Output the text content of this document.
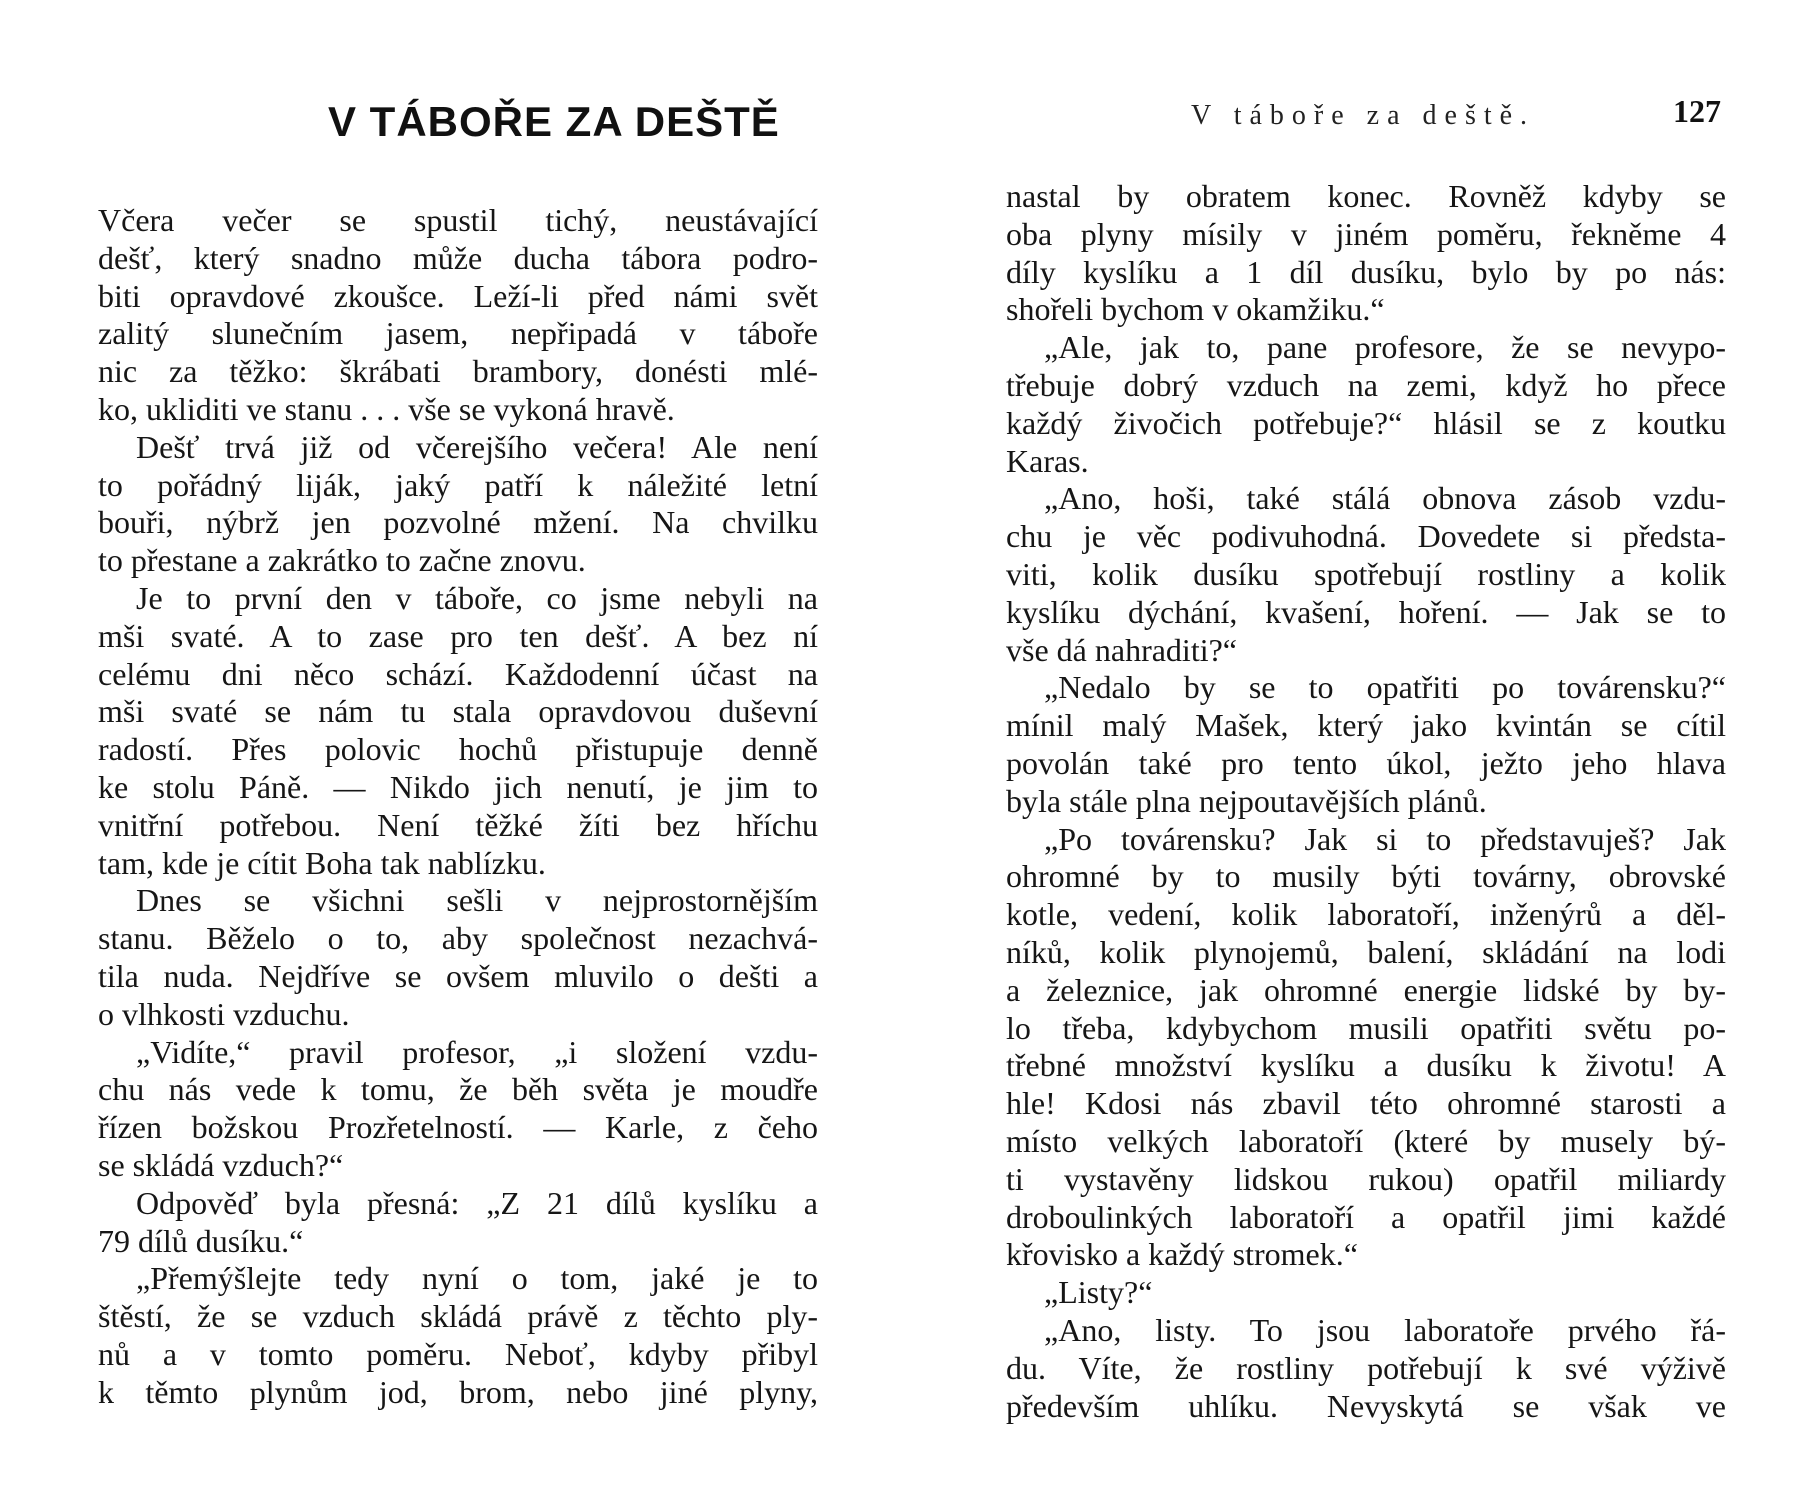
V TÁBOŘE ZA DEŠTĚ
Včera večer se spustil tichý, neustávající
dešť, který snadno může ducha tábora podro-
biti opravdové zkoušce. Leží-li před námi svět
zalitý slunečním jasem, nepřipadá v táboře
nic za těžko: škrábati brambory, donésti mlé-
ko, ukliditi ve stanu . . . vše se vykoná hravě.
Dešť trvá již od včerejšího večera! Ale není
to pořádný liják, jaký patří k náležité letní
bouři, nýbrž jen pozvolné mžení. Na chvilku
to přestane a zakrátko to začne znovu.
Je to první den v táboře, co jsme nebyli na
mši svaté. A to zase pro ten dešť. A bez ní
celému dni něco schází. Každodenní účast na
mši svaté se nám tu stala opravdovou duševní
radostí. Přes polovic hochů přistupuje denně
ke stolu Páně. — Nikdo jich nenutí, je jim to
vnitřní potřebou. Není těžké žíti bez hříchu
tam, kde je cítit Boha tak nablízku.
Dnes se všichni sešli v nejprostornějším
stanu. Běželo o to, aby společnost nezachvá-
tila nuda. Nejdříve se ovšem mluvilo o dešti a
o vlhkosti vzduchu.
„Vidíte,“ pravil profesor, „i složení vzdu-
chu nás vede k tomu, že běh světa je moudře
řízen božskou Prozřetelností. — Karle, z čeho
se skládá vzduch?“
Odpověď byla přesná: „Z 21 dílů kyslíku a
79 dílů dusíku.“
„Přemýšlejte tedy nyní o tom, jaké je to
štěstí, že se vzduch skládá právě z těchto ply-
nů a v tomto poměru. Neboť, kdyby přibyl
k těmto plynům jod, brom, nebo jiné plyny,
V táboře za deště.	127
nastal by obratem konec. Rovněž kdyby se
oba plyny mísily v jiném poměru, řekněme 4
díly kyslíku a 1 díl dusíku, bylo by po nás:
shořeli bychom v okamžiku.“
„Ale, jak to, pane profesore, že se nevypo-
třebuje dobrý vzduch na zemi, když ho přece
každý živočich potřebuje?“ hlásil se z koutku
Karas.
„Ano, hoši, také stálá obnova zásob vzdu-
chu je věc podivuhodná. Dovedete si předsta-
viti, kolik dusíku spotřebují rostliny a kolik
kyslíku dýchání, kvašení, hoření. — Jak se to
vše dá nahraditi?“
„Nedalo by se to opatřiti po továrensku?“
mínil malý Mašek, který jako kvintán se cítil
povolán také pro tento úkol, ježto jeho hlava
byla stále plna nejpoutavějších plánů.
„Po továrensku? Jak si to představuješ? Jak
ohromné by to musily býti továrny, obrovské
kotle, vedení, kolik laboratoří, inženýrů a děl-
níků, kolik plynojemů, balení, skládání na lodi
a železnice, jak ohromné energie lidské by by-
lo třeba, kdybychom musili opatřiti světu po-
třebné množství kyslíku a dusíku k životu! A
hle! Kdosi nás zbavil této ohromné starosti a
místo velkých laboratoří (které by musely bý-
ti vystavěny lidskou rukou) opatřil miliardy
droboulinkých laboratoří a opatřil jimi každé
křovisko a každý stromek.“
„Listy?“
„Ano, listy. To jsou laboratoře prvého řá-
du. Víte, že rostliny potřebují k své výživě
především uhlíku. Nevyskytá se však ve
